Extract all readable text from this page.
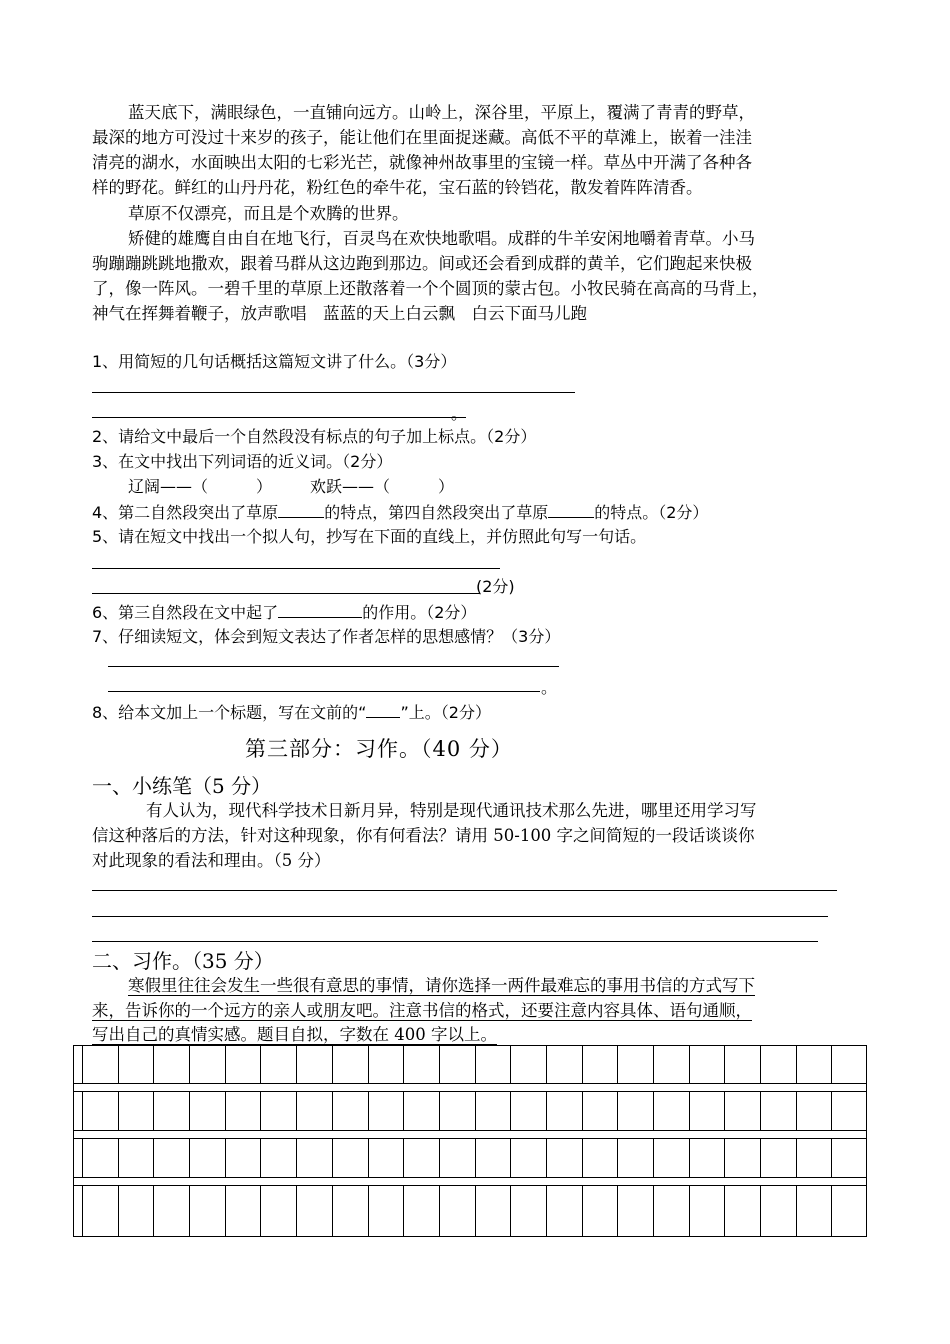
蓝天底下，满眼绿色，一直铺向远方。山岭上，深谷里，平原上，覆满了青青的野草，
最深的地方可没过十来岁的孩子，能让他们在里面捉迷藏。高低不平的草滩上，嵌着一洼洼
清亮的湖水，水面映出太阳的七彩光芒，就像神州故事里的宝镜一样。草丛中开满了各种各
样的野花。鲜红的山丹丹花，粉红色的牵牛花，宝石蓝的铃铛花，散发着阵阵清香。
草原不仅漂亮，而且是个欢腾的世界。
矫健的雄鹰自由自在地飞行，百灵鸟在欢快地歌唱。成群的牛羊安闲地嚼着青草。小马
驹蹦蹦跳跳地撒欢，跟着马群从这边跑到那边。间或还会看到成群的黄羊，它们跑起来快极
了，像一阵风。一碧千里的草原上还散落着一个个圆顶的蒙古包。小牧民骑在高高的马背上，
神气在挥舞着鞭子，放声歌唱　蓝蓝的天上白云飘　白云下面马儿跑
1、用简短的几句话概括这篇短文讲了什么。（3分）
。
2、请给文中最后一个自然段没有标点的句子加上标点。（2分）
3、在文中找出下列词语的近义词。（2分）
辽阔——（　　　） 欢跃——（　　　）
4、第二自然段突出了草原	的特点，第四自然段突出了草原	的特点。（2分）
5、请在短文中找出一个拟人句，抄写在下面的直线上，并仿照此句写一句话。
(2分)
6、第三自然段在文中起了	的作用。（2分）
7、仔细读短文，体会到短文表达了作者怎样的思想感情？（3分）
。
8、给本文加上一个标题，写在文前的“ ”上。（2分）
第三部分：习作。（40 分）
一、小练笔（5 分）
有人认为，现代科学技术日新月异，特别是现代通讯技术那么先进，哪里还用学习写
信这种落后的方法，针对这种现象，你有何看法？请用 50-100 字之间简短的一段话谈谈你
对此现象的看法和理由。（5 分）
二、习作。（35 分）
寒假里往往会发生一些很有意思的事情，请你选择一两件最难忘的事用书信的方式写下
来，告诉你的一个远方的亲人或朋友吧。注意书信的格式，还要注意内容具体、语句通顺，
写出自己的真情实感。题目自拟，字数在 400 字以上。
